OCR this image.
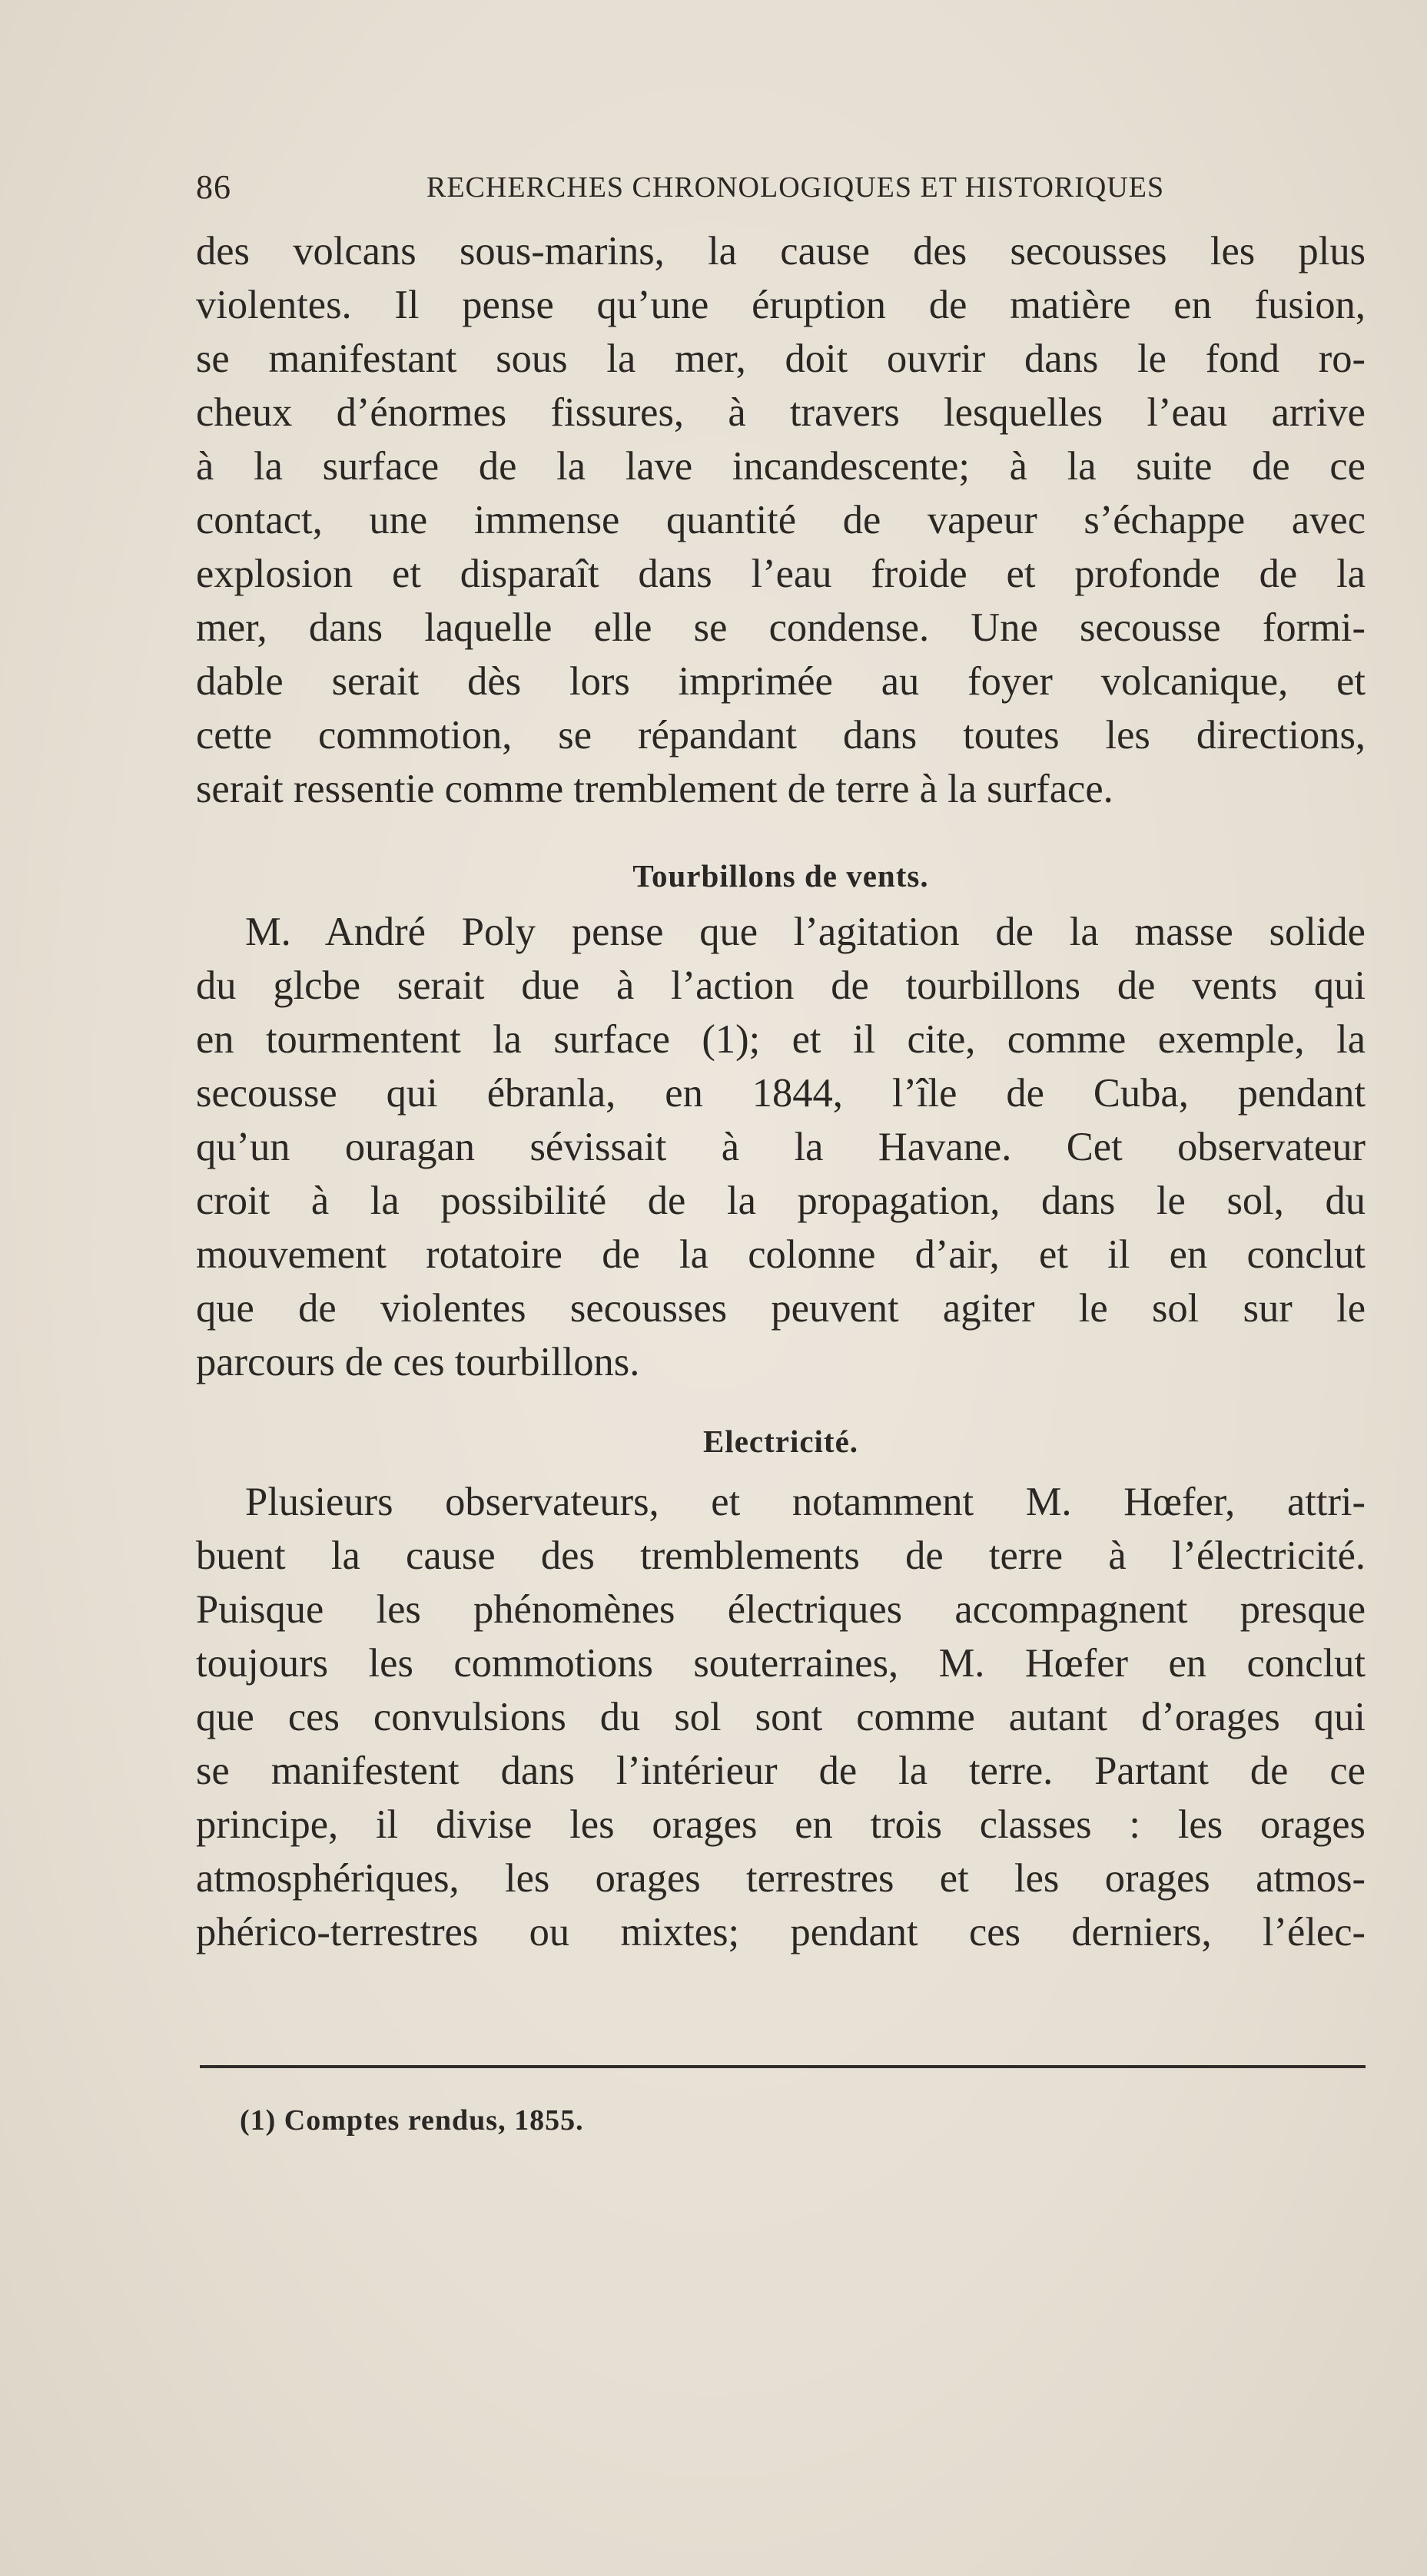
86	RECHERCHES CHRONOLOGIQUES ET HISTORIQUES

des volcans sous-marins, la cause des secousses les plus
violentes. Il pense qu’une éruption de matière en fusion,
se manifestant sous la mer, doit ouvrir dans le fond ro-
cheux d’énormes fissures, à travers lesquelles l’eau arrive
à la surface de la lave incandescente; à la suite de ce
contact, une immense quantité de vapeur s’échappe avec
explosion et disparaît dans l’eau froide et profonde de la
mer, dans laquelle elle se condense. Une secousse formi-
dable serait dès lors imprimée au foyer volcanique, et
cette commotion, se répandant dans toutes les directions,
serait ressentie comme tremblement de terre à la surface.

Tourbillons de vents.

M. André Poly pense que l’agitation de la masse solide
du glcbe serait due à l’action de tourbillons de vents qui
en tourmentent la surface (1); et il cite, comme exemple, la
secousse qui ébranla, en 1844, l’île de Cuba, pendant
qu’un ouragan sévissait à la Havane. Cet observateur
croit à la possibilité de la propagation, dans le sol, du
mouvement rotatoire de la colonne d’air, et il en conclut
que de violentes secousses peuvent agiter le sol sur le
parcours de ces tourbillons.

Electricité.

Plusieurs observateurs, et notamment M. Hœfer, attri-
buent la cause des tremblements de terre à l’électricité.
Puisque les phénomènes électriques accompagnent presque
toujours les commotions souterraines, M. Hœfer en conclut
que ces convulsions du sol sont comme autant d’orages qui
se manifestent dans l’intérieur de la terre. Partant de ce
principe, il divise les orages en trois classes : les orages
atmosphériques, les orages terrestres et les orages atmos-
phérico-terrestres ou mixtes; pendant ces derniers, l’élec-

(1) Comptes rendus, 1855.
